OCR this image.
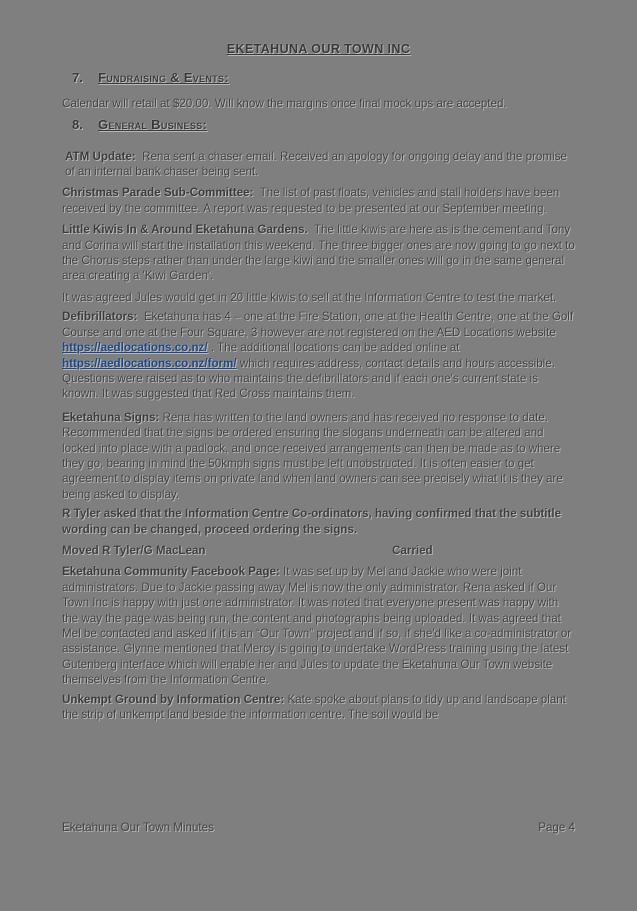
EKETAHUNA OUR TOWN INC
7. Fundraising & Events:

Calendar will retail at $20.00. Will know the margins once final mock ups are accepted.

8. General Business:

ATM Update: Rena sent a chaser email. Received an apology for ongoing delay and the promise of an internal bank chaser being sent.

Christmas Parade Sub-Committee: The list of past floats, vehicles and stall holders have been received by the committee. A report was requested to be presented at our September meeting.

Little Kiwis In & Around Eketahuna Gardens. The little kiwis are here as is the cement and Tony and Corina will start the installation this weekend. The three bigger ones are now going to go next to the Chorus steps rather than under the large kiwi and the smaller ones will go in the same general area creating a 'Kiwi Garden'.

It was agreed Jules would get in 20 little kiwis to sell at the Information Centre to test the market.

Defibrillators: Eketahuna has 4 – one at the Fire Station, one at the Health Centre, one at the Golf Course and one at the Four Square, 3 however are not registered on the AED Locations website https://aedlocations.co.nz/ . The additional locations can be added online at https://aedlocations.co.nz/form/ which requires address, contact details and hours accessible. Questions were raised as to who maintains the defibrillators and if each one's current state is known. It was suggested that Red Cross maintains them.

Eketahuna Signs: Rena has written to the land owners and has received no response to date. Recommended that the signs be ordered ensuring the slogans underneath can be altered and locked into place with a padlock, and once received arrangements can then be made as to where they go, bearing in mind the 50kmph signs must be left unobstructed. It is often easier to get agreement to display items on private land when land owners can see precisely what it is they are being asked to display.

R Tyler asked that the Information Centre Co-ordinators, having confirmed that the subtitle wording can be changed, proceed ordering the signs.

Moved R Tyler/G MacLean	Carried

Eketahuna Community Facebook Page: It was set up by Mel and Jackie who were joint administrators. Due to Jackie passing away Mel is now the only administrator. Rena asked if Our Town Inc is happy with just one administrator. It was noted that everyone present was happy with the way the page was being run, the content and photographs being uploaded. It was agreed that Mel be contacted and asked if it is an “Our Town” project and if so, if she'd like a co-administrator or assistance. Glynne mentioned that Mercy is going to undertake WordPress training using the latest Gutenberg interface which will enable her and Jules to update the Eketahuna Our Town website themselves from the Information Centre.

Unkempt Ground by Information Centre: Kate spoke about plans to tidy up and landscape plant the strip of unkempt land beside the information centre. The soil would be

Eketahuna Our Town Minutes	Page 4
